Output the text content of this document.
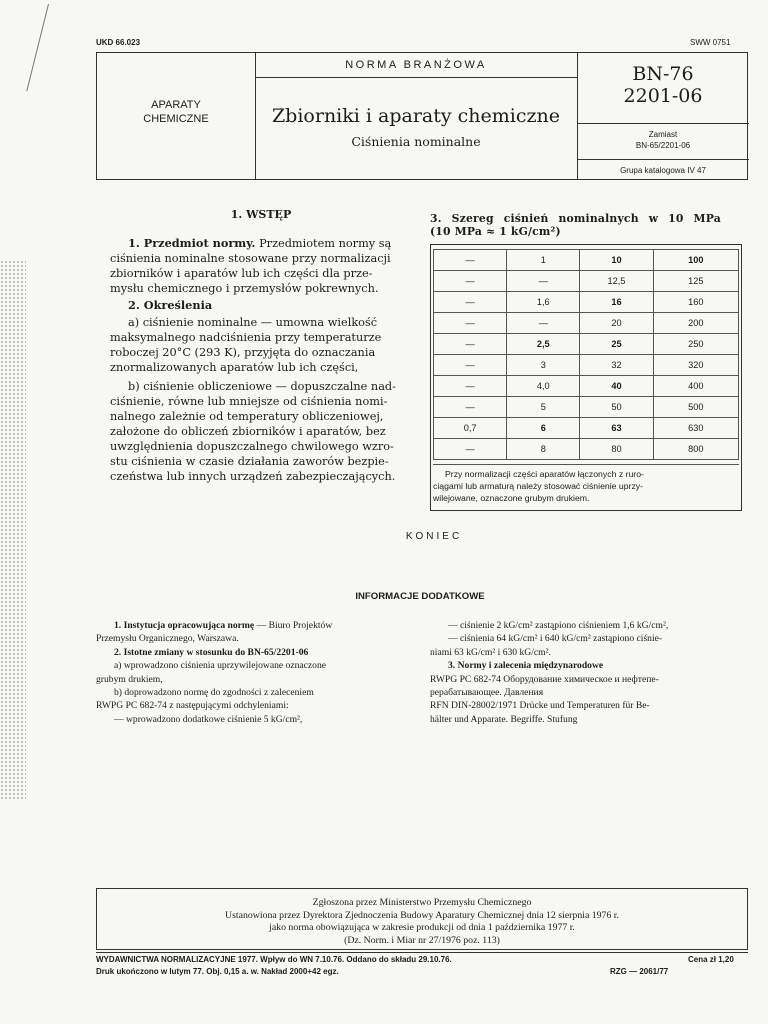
UKD 66.023	SWW 0751
APARATY
CHEMICZNE
NORMA BRANŻOWA
Zbiorniki i aparaty chemiczne
Ciśnienia nominalne
BN-76
2201-06
Zamiast
BN-65/2201-06
Grupa katalogowa IV 47
1. WSTĘP
1. Przedmiot normy. Przedmiotem normy są
ciśnienia nominalne stosowane przy normalizacji
zbiorników i aparatów lub ich części dla prze-
mysłu chemicznego i przemysłów pokrewnych.
2. Określenia
a) ciśnienie nominalne — umowna wielkość
maksymalnego nadciśnienia przy temperaturze
roboczej 20°C (293 K), przyjęta do oznaczania
znormalizowanych aparatów lub ich części,
b) ciśnienie obliczeniowe — dopuszczalne nad-
ciśnienie, równe lub mniejsze od ciśnienia nomi-
nalnego zależnie od temperatury obliczeniowej,
założone do obliczeń zbiorników i aparatów, bez
uwzględnienia dopuszczalnego chwilowego wzro-
stu ciśnienia w czasie działania zaworów bezpie-
czeństwa lub innych urządzeń zabezpieczających.
3. Szereg ciśnień nominalnych w 10 MPa
(10 MPa ≈ 1 kG/cm²)
—	1	10	100
—	—	12,5	125
—	1,6	16	160
—	—	20	200
—	2,5	25	250
—	3	32	320
—	4,0	40	400
—	5	50	500
0,7	6	63	630
—	8	80	800
Przy normalizacji części aparatów łączonych z ruro-
ciągami lub armaturą należy stosować ciśnienie uprzy-
wilejowane, oznaczone grubym drukiem.
KONIEC
INFORMACJE DODATKOWE
1. Instytucja opracowująca normę — Biuro Projektów
Przemysłu Organicznego, Warszawa.
2. Istotne zmiany w stosunku do BN-65/2201-06
a) wprowadzono ciśnienia uprzywilejowane oznaczone
grubym drukiem,
b) doprowadzono normę do zgodności z zaleceniem
RWPG PC 682-74 z następującymi odchyleniami:
— wprowadzono dodatkowe ciśnienie 5 kG/cm²,
— ciśnienie 2 kG/cm² zastąpiono ciśnieniem 1,6 kG/cm²,
— ciśnienia 64 kG/cm² i 640 kG/cm² zastąpiono ciśnie-
niami 63 kG/cm² i 630 kG/cm².
3. Normy i zalecenia międzynarodowe
RWPG PC 682-74 Оборудование химическое и нефтепе-
рерабатывающее. Давления
RFN DIN-28002/1971 Drücke und Temperaturen für Be-
hälter und Apparate. Begriffe. Stufung
Zgłoszona przez Ministerstwo Przemysłu Chemicznego
Ustanowiona przez Dyrektora Zjednoczenia Budowy Aparatury Chemicznej dnia 12 sierpnia 1976 r.
jako norma obowiązująca w zakresie produkcji od dnia 1 października 1977 r.
(Dz. Norm. i Miar nr 27/1976 poz. 113)
WYDAWNICTWA NORMALIZACYJNE 1977. Wpływ do WN 7.10.76. Oddano do składu 29.10.76.
Druk ukończono w lutym 77. Obj. 0,15 a. w. Nakład 2000+42 egz.
Cena zł 1,20
RZG — 2061/77
